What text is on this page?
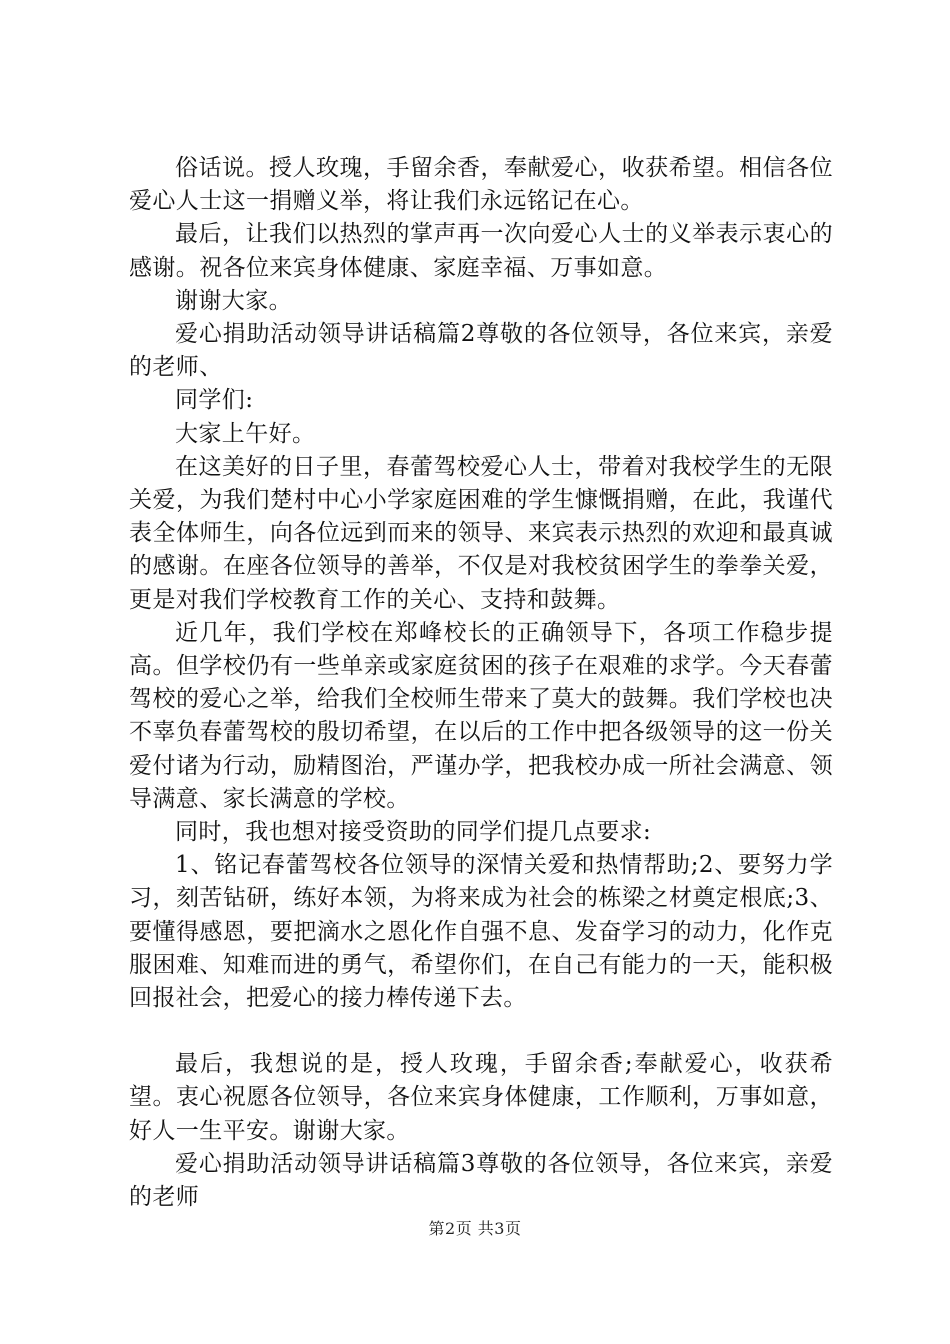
俗话说。授人玫瑰，手留余香，奉献爱心，收获希望。相信各位爱心人士这一捐赠义举，将让我们永远铭记在心。

最后，让我们以热烈的掌声再一次向爱心人士的义举表示衷心的感谢。祝各位来宾身体健康、家庭幸福、万事如意。

谢谢大家。

爱心捐助活动领导讲话稿篇2尊敬的各位领导，各位来宾，亲爱的老师、

同学们:

大家上午好。

在这美好的日子里，春蕾驾校爱心人士，带着对我校学生的无限关爱，为我们楚村中心小学家庭困难的学生慷慨捐赠，在此，我谨代表全体师生，向各位远到而来的领导、来宾表示热烈的欢迎和最真诚的感谢。在座各位领导的善举，不仅是对我校贫困学生的拳拳关爱，更是对我们学校教育工作的关心、支持和鼓舞。

近几年，我们学校在郑峰校长的正确领导下，各项工作稳步提高。但学校仍有一些单亲或家庭贫困的孩子在艰难的求学。今天春蕾驾校的爱心之举，给我们全校师生带来了莫大的鼓舞。我们学校也决不辜负春蕾驾校的殷切希望，在以后的工作中把各级领导的这一份关爱付诸为行动，励精图治，严谨办学，把我校办成一所社会满意、领导满意、家长满意的学校。

同时，我也想对接受资助的同学们提几点要求:

1、铭记春蕾驾校各位领导的深情关爱和热情帮助;2、要努力学习，刻苦钻研，练好本领，为将来成为社会的栋梁之材奠定根底;3、要懂得感恩，要把滴水之恩化作自强不息、发奋学习的动力，化作克服困难、知难而进的勇气，希望你们，在自己有能力的一天，能积极回报社会，把爱心的接力棒传递下去。

最后，我想说的是，授人玫瑰，手留余香;奉献爱心，收获希望。衷心祝愿各位领导，各位来宾身体健康，工作顺利，万事如意，好人一生平安。谢谢大家。

爱心捐助活动领导讲话稿篇3尊敬的各位领导，各位来宾，亲爱的老师

第2页 共3页
